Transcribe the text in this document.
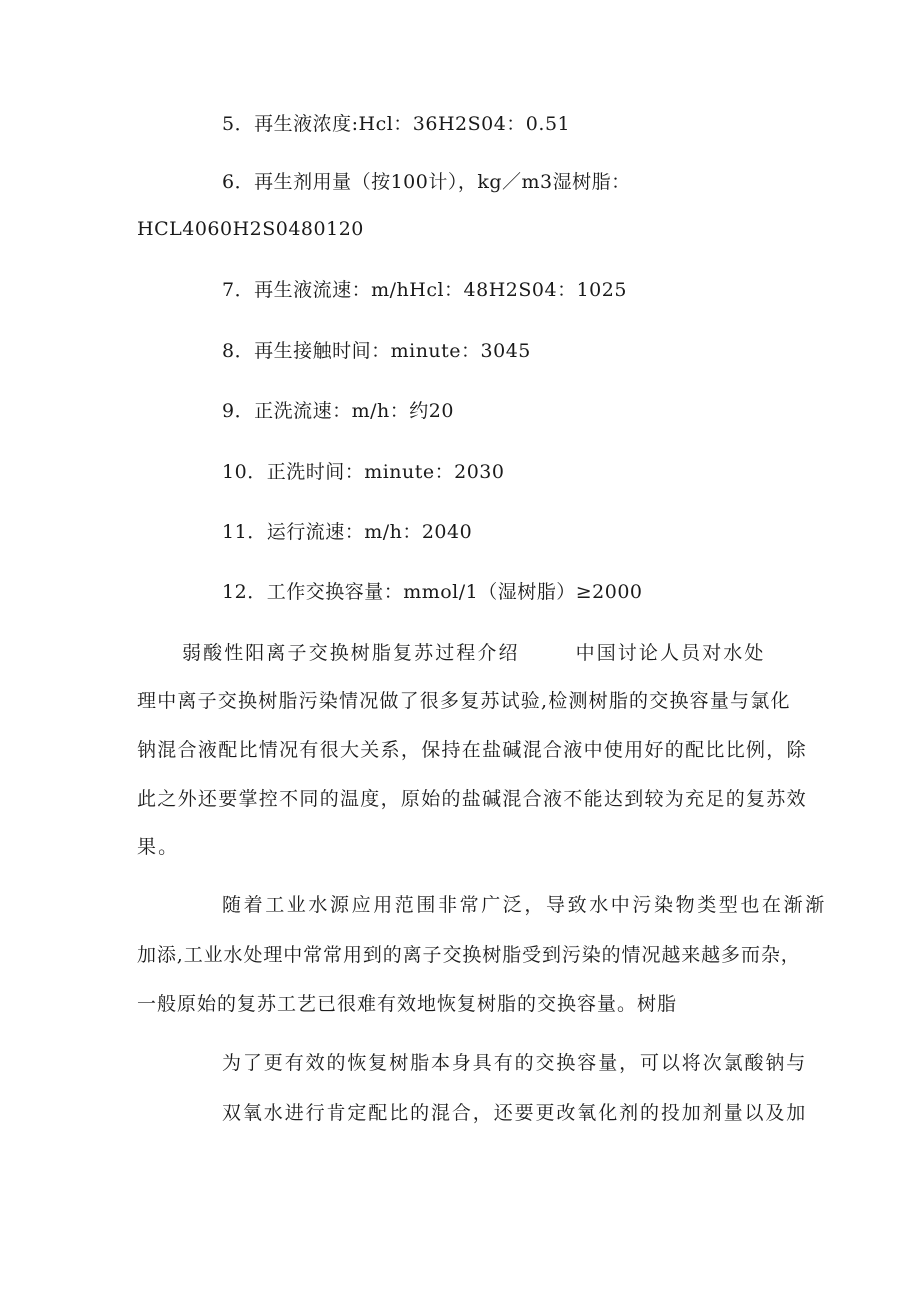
5．再生液浓度:Hcl：36H2S04：0.51
6．再生剂用量（按100计），kg／m3湿树脂：
HCL4060H2S0480120
7．再生液流速：m/hHcl：48H2S04：1025
8．再生接触时间：minute：3045
9．正洗流速：m/h：约20
10．正洗时间：minute：2030
11．运行流速：m/h：2040
12．工作交换容量：mmol/1（湿树脂）≥2000
弱酸性阳离子交换树脂复苏过程介绍	中国讨论人员对水处
理中离子交换树脂污染情况做了很多复苏试验,检测树脂的交换容量与氯化
钠混合液配比情况有很大关系，保持在盐碱混合液中使用好的配比比例，除
此之外还要掌控不同的温度，原始的盐碱混合液不能达到较为充足的复苏效
果。
随着工业水源应用范围非常广泛，导致水中污染物类型也在渐渐
加添,工业水处理中常常用到的离子交换树脂受到污染的情况越来越多而杂，
一般原始的复苏工艺已很难有效地恢复树脂的交换容量。树脂
为了更有效的恢复树脂本身具有的交换容量，可以将次氯酸钠与
双氧水进行肯定配比的混合，还要更改氧化剂的投加剂量以及加
